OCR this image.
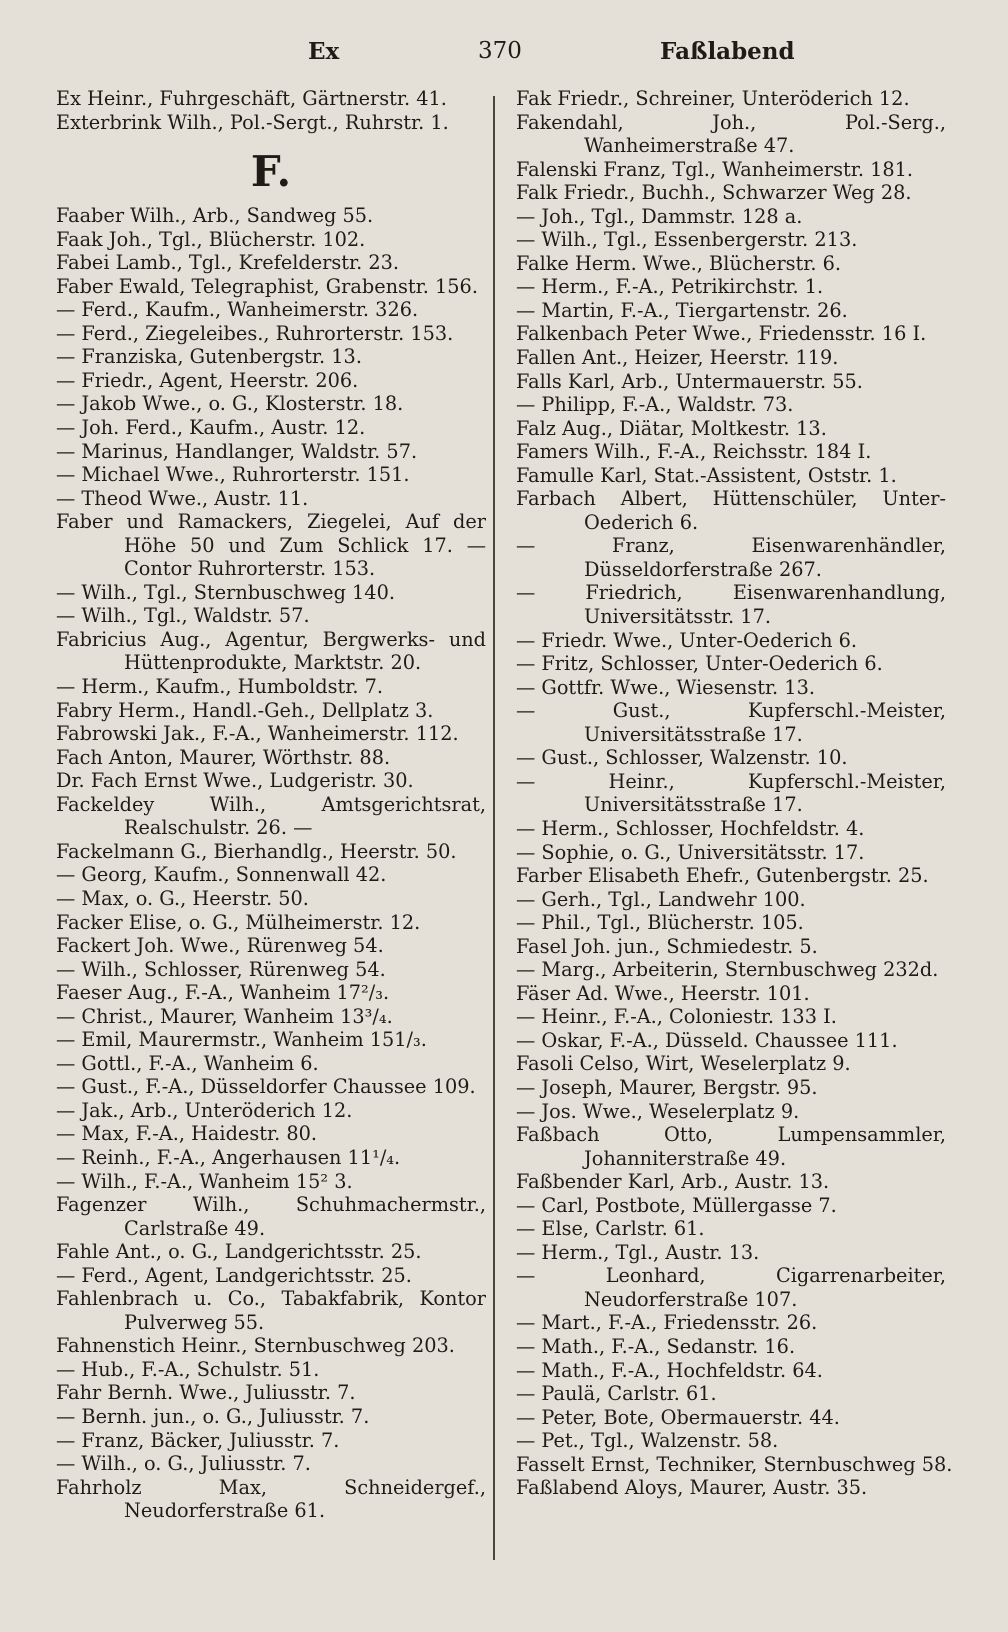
Ex	370	Faßlabend
Ex Heinr., Fuhrgeschäft, Gärtnerstr. 41.
Exterbrink Wilh., Pol.-Sergt., Ruhrstr. 1.
F.
Faaber Wilh., Arb., Sandweg 55.
Faak Joh., Tgl., Blücherstr. 102.
Fabei Lamb., Tgl., Krefelderstr. 23.
Faber Ewald, Telegraphist, Grabenstr. 156.
— Ferd., Kaufm., Wanheimerstr. 326.
— Ferd., Ziegeleibes., Ruhrorterstr. 153.
— Franziska, Gutenbergstr. 13.
— Friedr., Agent, Heerstr. 206.
— Jakob Wwe., o. G., Klosterstr. 18.
— Joh. Ferd., Kaufm., Austr. 12.
— Marinus, Handlanger, Waldstr. 57.
— Michael Wwe., Ruhrorterstr. 151.
— Theod Wwe., Austr. 11.
Faber und Ramackers, Ziegelei, Auf der Höhe 50 und Zum Schlick 17. — Contor Ruhrorterstr. 153.
— Wilh., Tgl., Sternbuschweg 140.
— Wilh., Tgl., Waldstr. 57.
Fabricius Aug., Agentur, Bergwerks- und Hüttenprodukte, Marktstr. 20.
— Herm., Kaufm., Humboldstr. 7.
Fabry Herm., Handl.-Geh., Dellplatz 3.
Fabrowski Jak., F.-A., Wanheimerstr. 112.
Fach Anton, Maurer, Wörthstr. 88.
Dr. Fach Ernst Wwe., Ludgeristr. 30.
Fackeldey Wilh., Amtsgerichtsrat, Realschulstr. 26. —
Fackelmann G., Bierhandlg., Heerstr. 50.
— Georg, Kaufm., Sonnenwall 42.
— Max, o. G., Heerstr. 50.
Facker Elise, o. G., Mülheimerstr. 12.
Fackert Joh. Wwe., Rürenweg 54.
— Wilh., Schlosser, Rürenweg 54.
Faeser Aug., F.-A., Wanheim 17²/₃.
— Christ., Maurer, Wanheim 13³/₄.
— Emil, Maurermstr., Wanheim 151/₃.
— Gottl., F.-A., Wanheim 6.
— Gust., F.-A., Düsseldorfer Chaussee 109.
— Jak., Arb., Unteröderich 12.
— Max, F.-A., Haidestr. 80.
— Reinh., F.-A., Angerhausen 11¹/₄.
— Wilh., F.-A., Wanheim 15² 3.
Fagenzer Wilh., Schuhmachermstr., Carlstraße 49.
Fahle Ant., o. G., Landgerichtsstr. 25.
— Ferd., Agent, Landgerichtsstr. 25.
Fahlenbrach u. Co., Tabakfabrik, Kontor Pulverweg 55.
Fahnenstich Heinr., Sternbuschweg 203.
— Hub., F.-A., Schulstr. 51.
Fahr Bernh. Wwe., Juliusstr. 7.
— Bernh. jun., o. G., Juliusstr. 7.
— Franz, Bäcker, Juliusstr. 7.
— Wilh., o. G., Juliusstr. 7.
Fahrholz Max, Schneidergef., Neudorferstraße 61.
Fak Friedr., Schreiner, Unteröderich 12.
Fakendahl, Joh., Pol.-Serg., Wanheimerstraße 47.
Falenski Franz, Tgl., Wanheimerstr. 181.
Falk Friedr., Buchh., Schwarzer Weg 28.
— Joh., Tgl., Dammstr. 128 a.
— Wilh., Tgl., Essenbergerstr. 213.
Falke Herm. Wwe., Blücherstr. 6.
— Herm., F.-A., Petrikirchstr. 1.
— Martin, F.-A., Tiergartenstr. 26.
Falkenbach Peter Wwe., Friedensstr. 16 I.
Fallen Ant., Heizer, Heerstr. 119.
Falls Karl, Arb., Untermauerstr. 55.
— Philipp, F.-A., Waldstr. 73.
Falz Aug., Diätar, Moltkestr. 13.
Famers Wilh., F.-A., Reichsstr. 184 I.
Famulle Karl, Stat.-Assistent, Oststr. 1.
Farbach Albert, Hüttenschüler, Unter-Oederich 6.
— Franz, Eisenwarenhändler, Düsseldorferstraße 267.
— Friedrich, Eisenwarenhandlung, Universitätsstr. 17.
— Friedr. Wwe., Unter-Oederich 6.
— Fritz, Schlosser, Unter-Oederich 6.
— Gottfr. Wwe., Wiesenstr. 13.
— Gust., Kupferschl.-Meister, Universitätsstraße 17.
— Gust., Schlosser, Walzenstr. 10.
— Heinr., Kupferschl.-Meister, Universitätsstraße 17.
— Herm., Schlosser, Hochfeldstr. 4.
— Sophie, o. G., Universitätsstr. 17.
Farber Elisabeth Ehefr., Gutenbergstr. 25.
— Gerh., Tgl., Landwehr 100.
— Phil., Tgl., Blücherstr. 105.
Fasel Joh. jun., Schmiedestr. 5.
— Marg., Arbeiterin, Sternbuschweg 232d.
Fäser Ad. Wwe., Heerstr. 101.
— Heinr., F.-A., Coloniestr. 133 I.
— Oskar, F.-A., Düsseld. Chaussee 111.
Fasoli Celso, Wirt, Weselerplatz 9.
— Joseph, Maurer, Bergstr. 95.
— Jos. Wwe., Weselerplatz 9.
Faßbach Otto, Lumpensammler, Johanniterstraße 49.
Faßbender Karl, Arb., Austr. 13.
— Carl, Postbote, Müllergasse 7.
— Else, Carlstr. 61.
— Herm., Tgl., Austr. 13.
— Leonhard, Cigarrenarbeiter, Neudorferstraße 107.
— Mart., F.-A., Friedensstr. 26.
— Math., F.-A., Sedanstr. 16.
— Math., F.-A., Hochfeldstr. 64.
— Paulä, Carlstr. 61.
— Peter, Bote, Obermauerstr. 44.
— Pet., Tgl., Walzenstr. 58.
Fasselt Ernst, Techniker, Sternbuschweg 58.
Faßlabend Aloys, Maurer, Austr. 35.
